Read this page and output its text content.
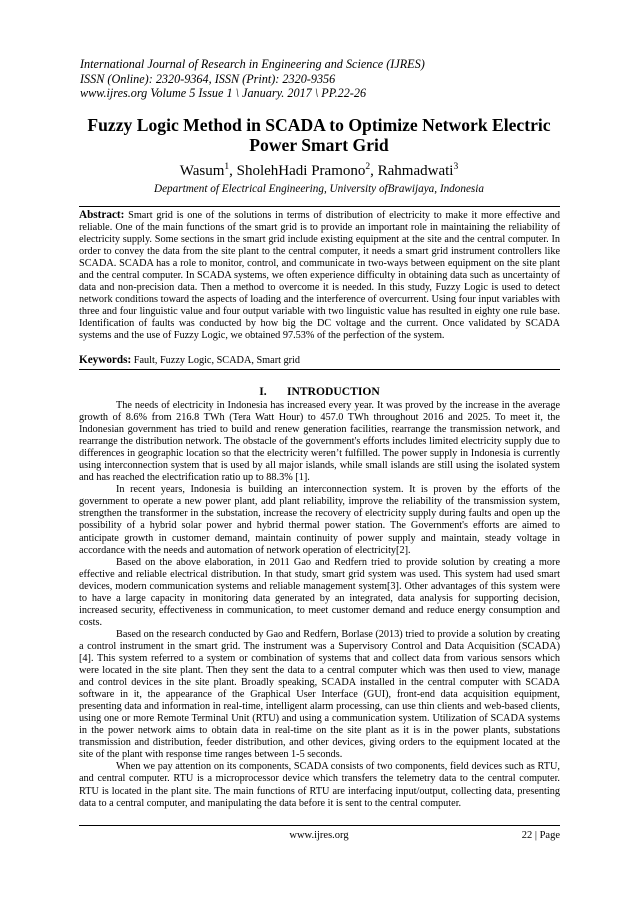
International Journal of Research in Engineering and Science (IJRES)
ISSN (Online): 2320-9364, ISSN (Print): 2320-9356
www.ijres.org Volume 5 Issue 1 \ January. 2017 \ PP.22-26
Fuzzy Logic Method in SCADA to Optimize Network Electric Power Smart Grid
Wasum$^1$, SholehHadi Pramono$^2$, Rahmadwati$^3$
Department of Electrical Engineering, University ofBrawijaya, Indonesia
Abstract: Smart grid is one of the solutions in terms of distribution of electricity to make it more effective and reliable. One of the main functions of the smart grid is to provide an important role in maintaining the reliability of electricity supply. Some sections in the smart grid include existing equipment at the site and the central computer. In order to convey the data from the site plant to the central computer, it needs a smart grid instrument controllers like SCADA. SCADA has a role to monitor, control, and communicate in two-ways between equipment on the site plant and the central computer. In SCADA systems, we often experience difficulty in obtaining data such as uncertainty of data and non-precision data. Then a method to overcome it is needed. In this study, Fuzzy Logic is used to detect network conditions toward the aspects of loading and the interference of overcurrent. Using four input variables with three and four linguistic value and four output variable with two linguistic value has resulted in eighty one rule base. Identification of faults was conducted by how big the DC voltage and the current. Once validated by SCADA systems and the use of Fuzzy Logic, we obtained 97.53% of the perfection of the system.
Keywords: Fault, Fuzzy Logic, SCADA, Smart grid
I. INTRODUCTION

The needs of electricity in Indonesia has increased every year. It was proved by the increase in the average growth of 8.6% from 216.8 TWh (Tera Watt Hour) to 457.0 TWh throughout 2016 and 2025. To meet it, the Indonesian government has tried to build and renew generation facilities, rearrange the transmission network, and rearrange the distribution network. The obstacle of the government's efforts includes limited electricity supply due to differences in geographic location so that the electricity weren’t fulfilled. The power supply in Indonesia is currently using interconnection system that is used by all major islands, while small islands are still using the isolated system and has reached the electrification ratio up to 88.3% [1].

In recent years, Indonesia is building an interconnection system. It is proven by the efforts of the government to operate a new power plant, add plant reliability, improve the reliability of the transmission system, strengthen the transformer in the substation, increase the recovery of electricity supply during faults and open up the possibility of a hybrid solar power and hybrid thermal power station. The Government's efforts are aimed to anticipate growth in customer demand, maintain continuity of power supply and maintain, steady voltage in accordance with the needs and automation of network operation of electricity[2].

Based on the above elaboration, in 2011 Gao and Redfern tried to provide solution by creating a more effective and reliable electrical distribution. In that study, smart grid system was used. This system had used smart devices, modern communication systems and reliable management system[3]. Other advantages of this system were to have a large capacity in monitoring data generated by an integrated, data analysis for supporting decision, increased security, effectiveness in communication, to meet customer demand and reduce energy consumption and costs.

Based on the research conducted by Gao and Redfern, Borlase (2013) tried to provide a solution by creating a control instrument in the smart grid. The instrument was a Supervisory Control and Data Acquisition (SCADA) [4]. This system referred to a system or combination of systems that and collect data from various sensors which were located in the site plant. Then they sent the data to a central computer which was then used to view, manage and control devices in the site plant. Broadly speaking, SCADA installed in the central computer with SCADA software in it, the appearance of the Graphical User Interface (GUI), front-end data acquisition equipment, presenting data and information in real-time, intelligent alarm processing, can use thin clients and web-based clients, using one or more Remote Terminal Unit (RTU) and using a communication system. Utilization of SCADA systems in the power network aims to obtain data in real-time on the site plant as it is in the power plants, substations transmission and distribution, feeder distribution, and other devices, giving orders to the equipment located at the site of the plant with response time ranges between 1-5 seconds.

When we pay attention on its components, SCADA consists of two components, field devices such as RTU, and central computer. RTU is a microprocessor device which transfers the telemetry data to the central computer. RTU is located in the plant site. The main functions of RTU are interfacing input/output, collecting data, presenting data to a central computer, and manipulating the data before it is sent to the central computer.

www.ijres.org	22 | Page
